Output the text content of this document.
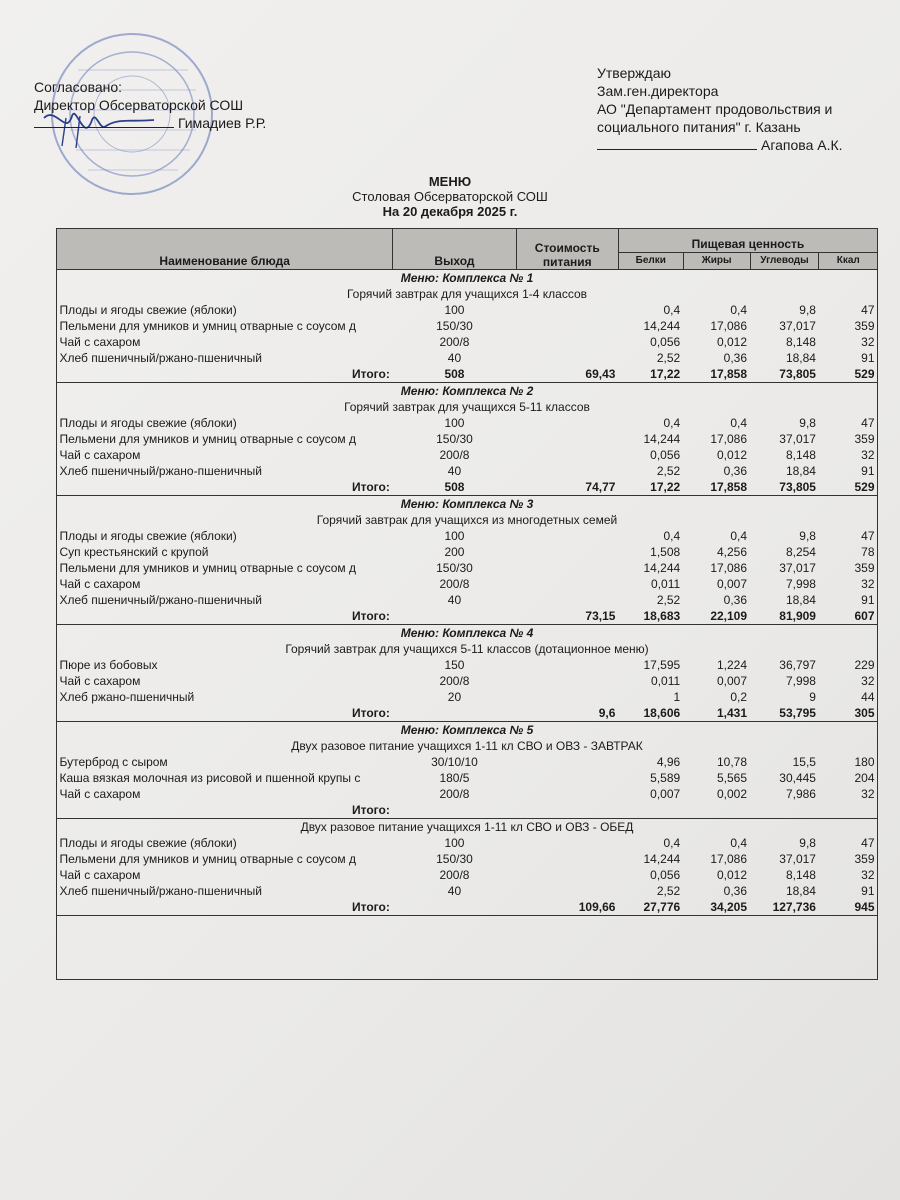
Согласовано:
Директор Обсерваторской СОШ
Гимадиев Р.Р.
Утверждаю
Зам.ген.директора
АО "Департамент продовольствия и
социального питания" г. Казань
Агапова А.К.
МЕНЮ
Столовая Обсерваторской СОШ
На 20 декабря 2025 г.
Наименование блюда	Выход	Стоимость питания	Пищевая ценность			
			Белки	Жиры	Углеводы	Ккал
Меню: Комплекса № 1						
Горячий завтрак для учащихся 1-4 классов						
Плоды и ягоды свежие (яблоки)	100		0,4	0,4	9,8	47
Пельмени для умников и умниц отварные с соусом д	150/30		14,244	17,086	37,017	359
Чай с сахаром	200/8		0,056	0,012	8,148	32
Хлеб пшеничный/ржано-пшеничный	40		2,52	0,36	18,84	91
Итого:	508	69,43	17,22	17,858	73,805	529
Меню: Комплекса № 2						
Горячий завтрак для учащихся 5-11 классов						
Плоды и ягоды свежие (яблоки)	100		0,4	0,4	9,8	47
Пельмени для умников и умниц отварные с соусом д	150/30		14,244	17,086	37,017	359
Чай с сахаром	200/8		0,056	0,012	8,148	32
Хлеб пшеничный/ржано-пшеничный	40		2,52	0,36	18,84	91
Итого:	508	74,77	17,22	17,858	73,805	529
Меню: Комплекса № 3						
Горячий завтрак для учащихся из многодетных семей						
Плоды и ягоды свежие (яблоки)	100		0,4	0,4	9,8	47
Суп крестьянский с крупой	200		1,508	4,256	8,254	78
Пельмени для умников и умниц отварные с соусом д	150/30		14,244	17,086	37,017	359
Чай с сахаром	200/8		0,011	0,007	7,998	32
Хлеб пшеничный/ржано-пшеничный	40		2,52	0,36	18,84	91
Итого:		73,15	18,683	22,109	81,909	607
Меню: Комплекса № 4						
Горячий завтрак для учащихся 5-11 классов (дотационное меню)						
Пюре из бобовых	150		17,595	1,224	36,797	229
Чай с сахаром	200/8		0,011	0,007	7,998	32
Хлеб ржано-пшеничный	20		1	0,2	9	44
Итого:		9,6	18,606	1,431	53,795	305
Меню: Комплекса № 5						
Двух разовое питание учащихся 1-11 кл СВО и ОВЗ - ЗАВТРАК						
Бутерброд с сыром	30/10/10		4,96	10,78	15,5	180
Каша вязкая молочная из рисовой и пшенной крупы с	180/5		5,589	5,565	30,445	204
Чай с сахаром	200/8		0,007	0,002	7,986	32
Итого:						
Двух разовое питание учащихся 1-11 кл СВО и ОВЗ - ОБЕД						
Плоды и ягоды свежие (яблоки)	100		0,4	0,4	9,8	47
Пельмени для умников и умниц отварные с соусом д	150/30		14,244	17,086	37,017	359
Чай с сахаром	200/8		0,056	0,012	8,148	32
Хлеб пшеничный/ржано-пшеничный	40		2,52	0,36	18,84	91
Итого:		109,66	27,776	34,205	127,736	945
